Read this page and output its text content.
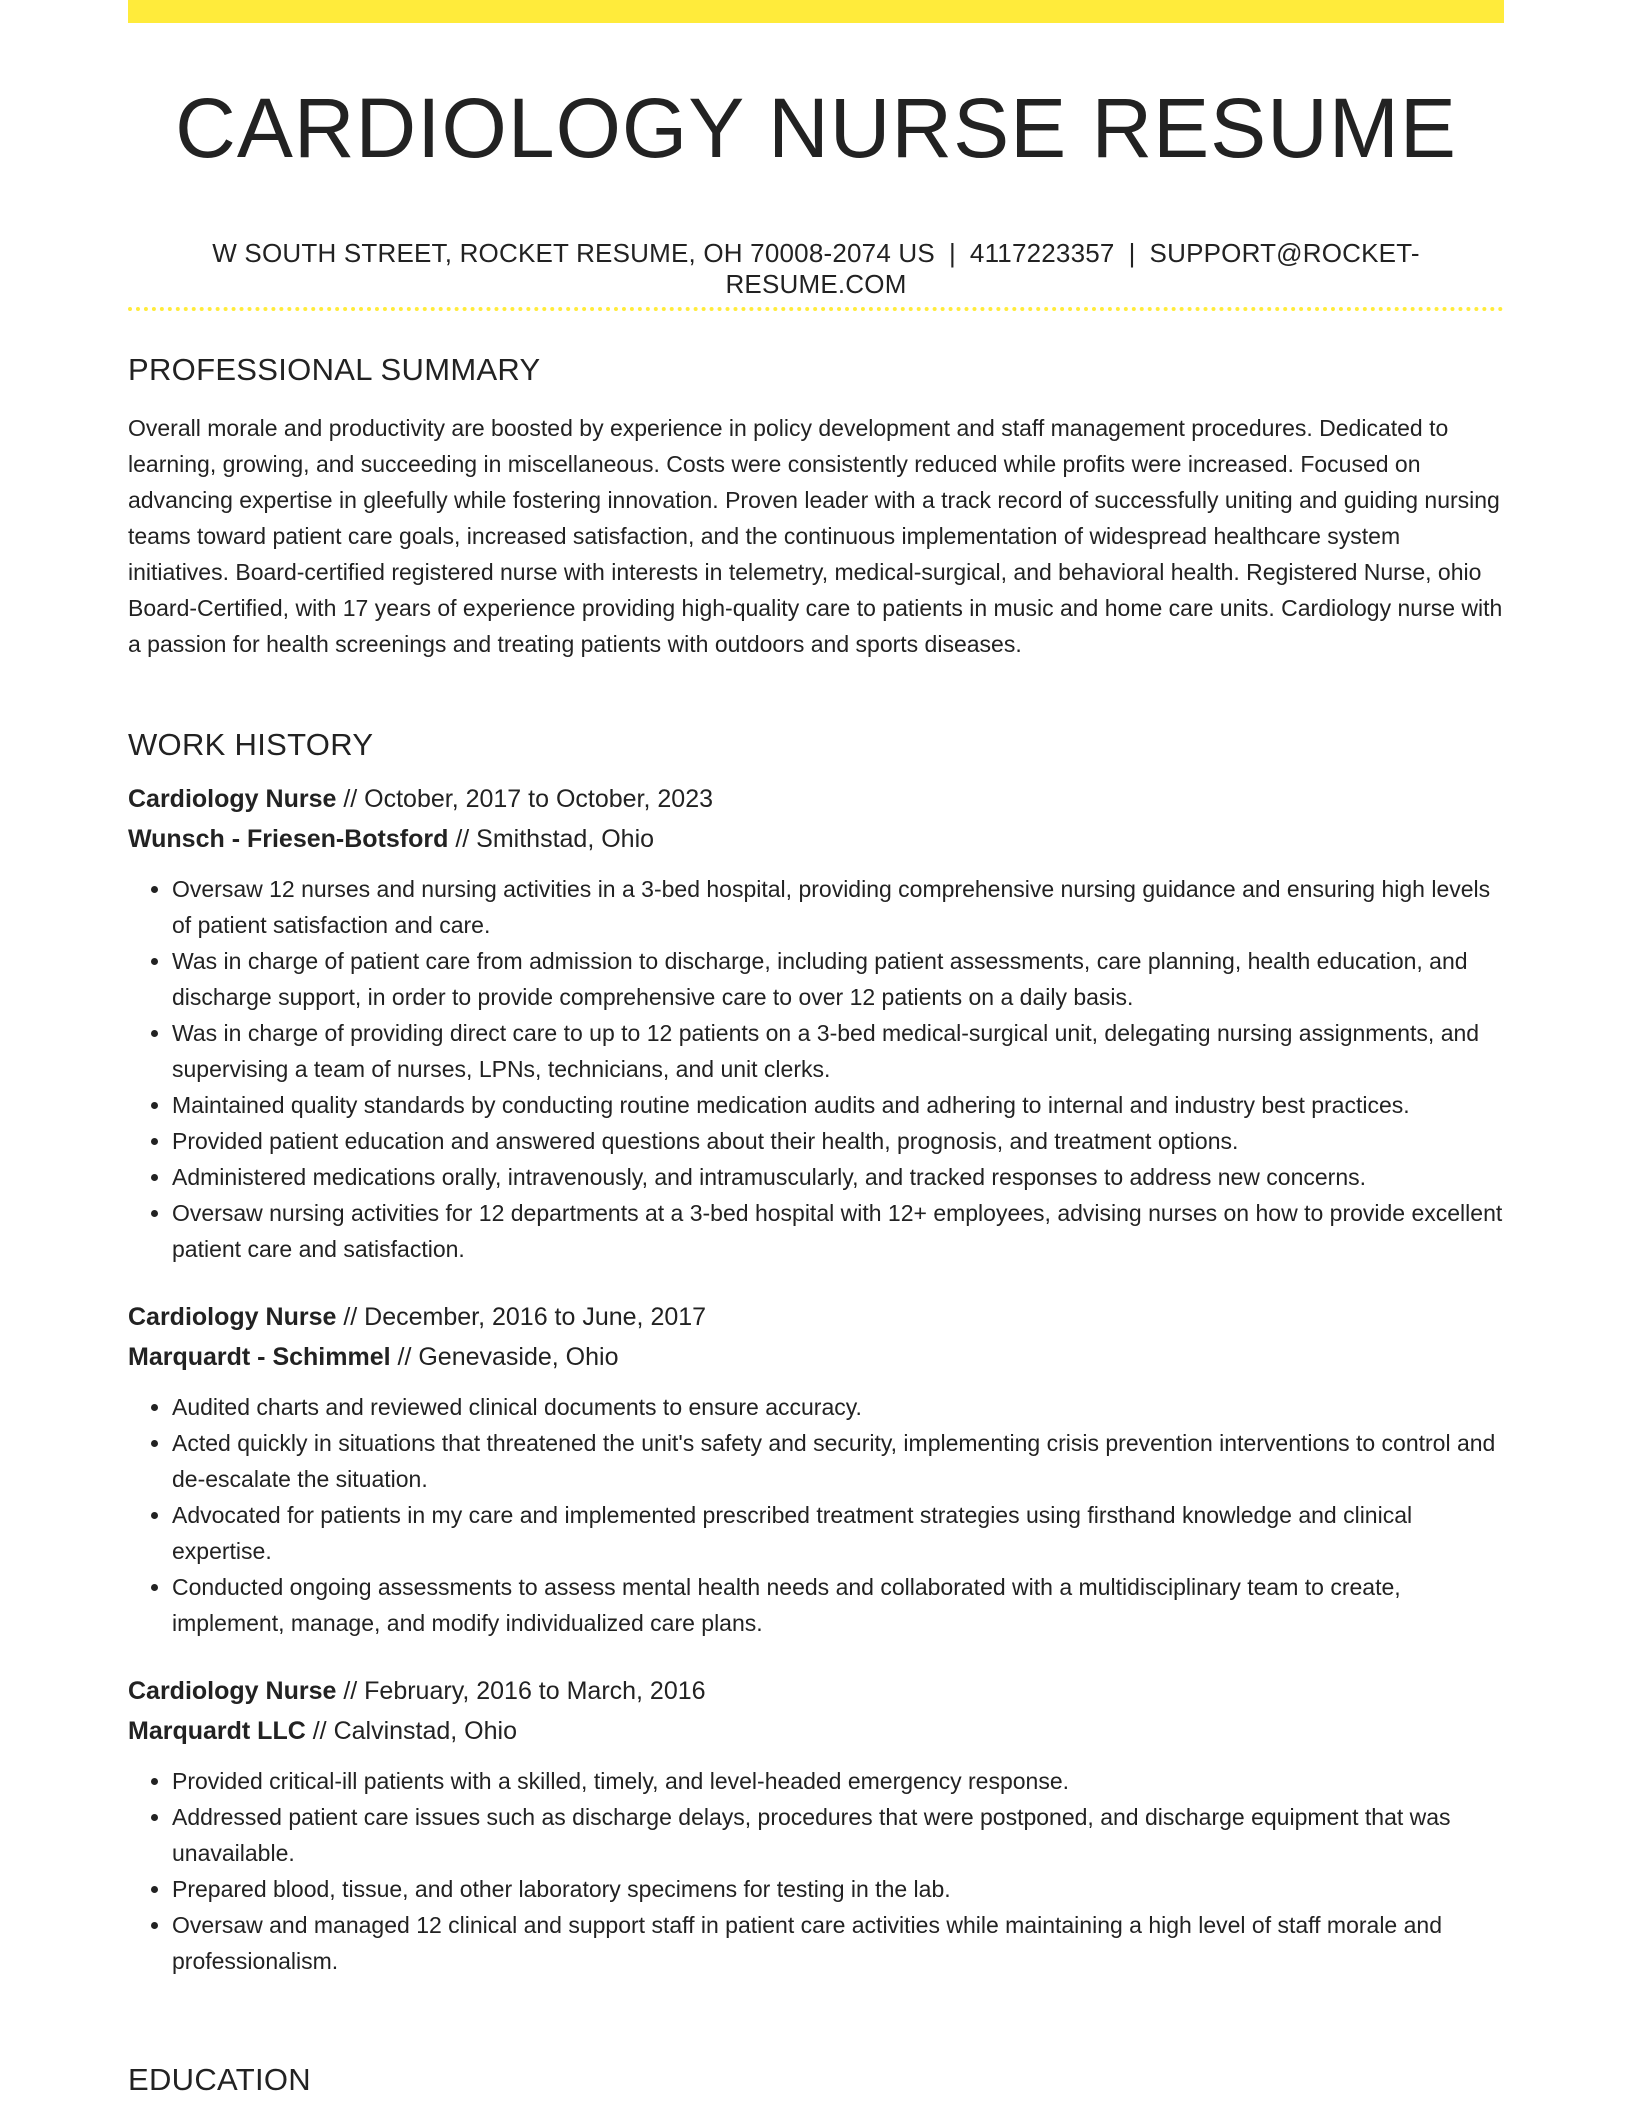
CARDIOLOGY NURSE RESUME
W SOUTH STREET, ROCKET RESUME, OH 70008-2074 US | 4117223357 | SUPPORT@ROCKET-RESUME.COM
PROFESSIONAL SUMMARY

Overall morale and productivity are boosted by experience in policy development and staff management procedures. Dedicated to learning, growing, and succeeding in miscellaneous. Costs were consistently reduced while profits were increased. Focused on advancing expertise in gleefully while fostering innovation. Proven leader with a track record of successfully uniting and guiding nursing teams toward patient care goals, increased satisfaction, and the continuous implementation of widespread healthcare system initiatives. Board-certified registered nurse with interests in telemetry, medical-surgical, and behavioral health. Registered Nurse, ohio Board-Certified, with 17 years of experience providing high-quality care to patients in music and home care units. Cardiology nurse with a passion for health screenings and treating patients with outdoors and sports diseases.

WORK HISTORY
Cardiology Nurse // October, 2017 to October, 2023
Wunsch - Friesen-Botsford // Smithstad, Ohio
• Oversaw 12 nurses and nursing activities in a 3-bed hospital, providing comprehensive nursing guidance and ensuring high levels of patient satisfaction and care.
• Was in charge of patient care from admission to discharge, including patient assessments, care planning, health education, and discharge support, in order to provide comprehensive care to over 12 patients on a daily basis.
• Was in charge of providing direct care to up to 12 patients on a 3-bed medical-surgical unit, delegating nursing assignments, and supervising a team of nurses, LPNs, technicians, and unit clerks.
• Maintained quality standards by conducting routine medication audits and adhering to internal and industry best practices.
• Provided patient education and answered questions about their health, prognosis, and treatment options.
• Administered medications orally, intravenously, and intramuscularly, and tracked responses to address new concerns.
• Oversaw nursing activities for 12 departments at a 3-bed hospital with 12+ employees, advising nurses on how to provide excellent patient care and satisfaction.
Cardiology Nurse // December, 2016 to June, 2017
Marquardt - Schimmel // Genevaside, Ohio
• Audited charts and reviewed clinical documents to ensure accuracy.
• Acted quickly in situations that threatened the unit's safety and security, implementing crisis prevention interventions to control and de-escalate the situation.
• Advocated for patients in my care and implemented prescribed treatment strategies using firsthand knowledge and clinical expertise.
• Conducted ongoing assessments to assess mental health needs and collaborated with a multidisciplinary team to create, implement, manage, and modify individualized care plans.
Cardiology Nurse // February, 2016 to March, 2016
Marquardt LLC // Calvinstad, Ohio
• Provided critical-ill patients with a skilled, timely, and level-headed emergency response.
• Addressed patient care issues such as discharge delays, procedures that were postponed, and discharge equipment that was unavailable.
• Prepared blood, tissue, and other laboratory specimens for testing in the lab.
• Oversaw and managed 12 clinical and support staff in patient care activities while maintaining a high level of staff morale and professionalism.
EDUCATION
